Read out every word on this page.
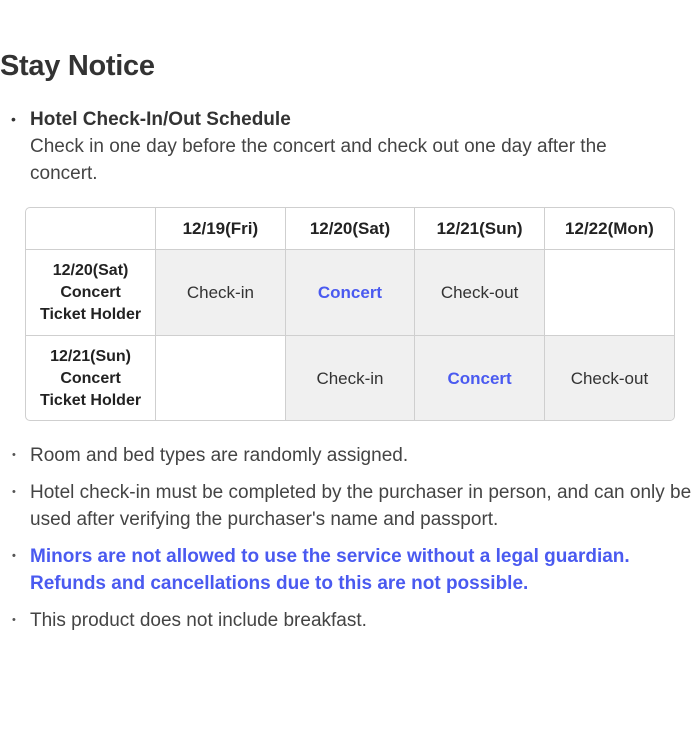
Stay Notice
• Hotel Check-In/Out Schedule
Check in one day before the concert and check out one day after the concert.
	12/19(Fri)	12/20(Sat)	12/21(Sun)	12/22(Mon)
12/20(Sat)
Concert
Ticket Holder	Check-in	Concert	Check-out	
12/21(Sun)
Concert
Ticket Holder		Check-in	Concert	Check-out
• Room and bed types are randomly assigned.
• Hotel check-in must be completed by the purchaser in person, and can only be used after verifying the purchaser's name and passport.
• Minors are not allowed to use the service without a legal guardian. Refunds and cancellations due to this are not possible.
• This product does not include breakfast.
